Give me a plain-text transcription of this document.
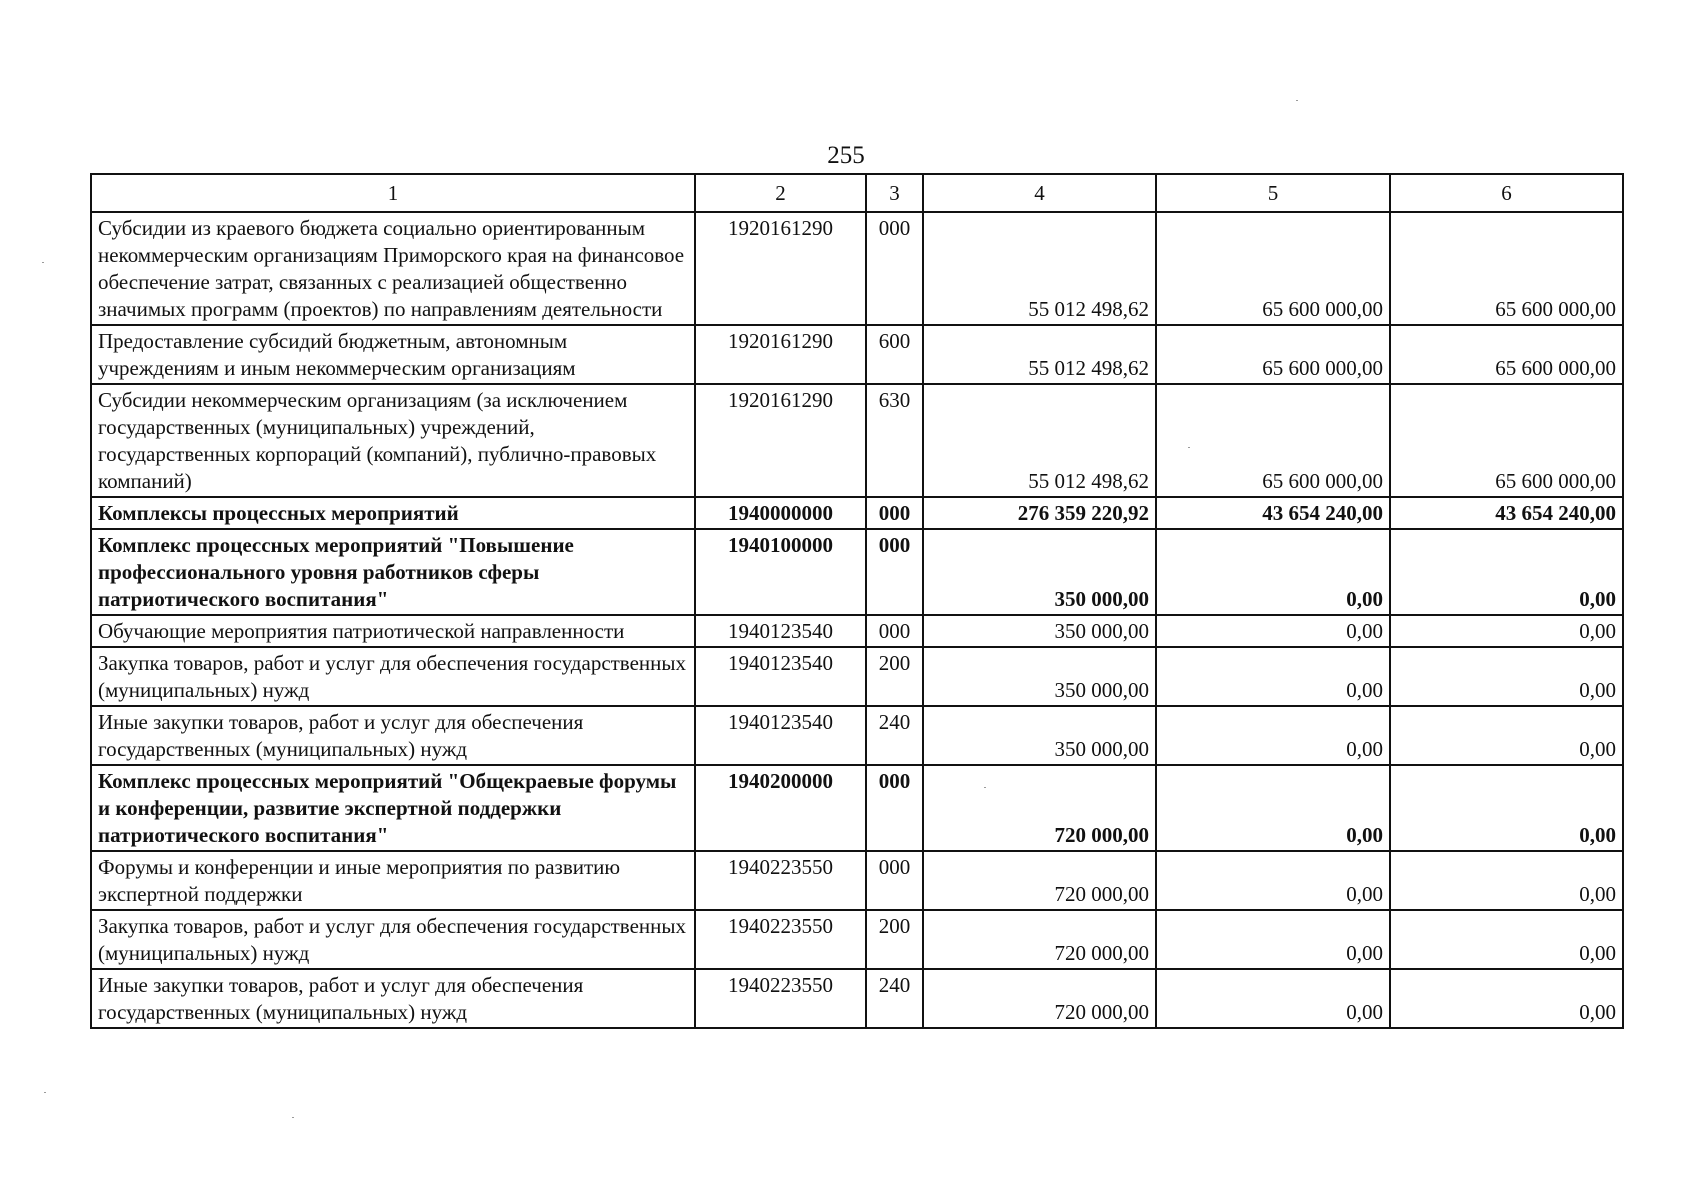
255
1	2	3	4	5	6
Субсидии из краевого бюджета социально ориентированным некоммерческим организациям Приморского края на финансовое обеспечение затрат, связанных с реализацией общественно значимых программ (проектов) по направлениям деятельности	1920161290	000	55 012 498,62	65 600 000,00	65 600 000,00
Предоставление субсидий бюджетным, автономным учреждениям и иным некоммерческим организациям	1920161290	600	55 012 498,62	65 600 000,00	65 600 000,00
Субсидии некоммерческим организациям (за исключением государственных (муниципальных) учреждений, государственных корпораций (компаний), публично-правовых компаний)	1920161290	630	55 012 498,62	65 600 000,00	65 600 000,00
Комплексы процессных мероприятий	1940000000	000	276 359 220,92	43 654 240,00	43 654 240,00
Комплекс процессных мероприятий "Повышение профессионального уровня работников сферы патриотического воспитания"	1940100000	000	350 000,00	0,00	0,00
Обучающие мероприятия патриотической направленности	1940123540	000	350 000,00	0,00	0,00
Закупка товаров, работ и услуг для обеспечения государственных (муниципальных) нужд	1940123540	200	350 000,00	0,00	0,00
Иные закупки товаров, работ и услуг для обеспечения государственных (муниципальных) нужд	1940123540	240	350 000,00	0,00	0,00
Комплекс процессных мероприятий "Общекраевые форумы и конференции, развитие экспертной поддержки патриотического воспитания"	1940200000	000	720 000,00	0,00	0,00
Форумы и конференции и иные мероприятия по развитию экспертной поддержки	1940223550	000	720 000,00	0,00	0,00
Закупка товаров, работ и услуг для обеспечения государственных (муниципальных) нужд	1940223550	200	720 000,00	0,00	0,00
Иные закупки товаров, работ и услуг для обеспечения государственных (муниципальных) нужд	1940223550	240	720 000,00	0,00	0,00
